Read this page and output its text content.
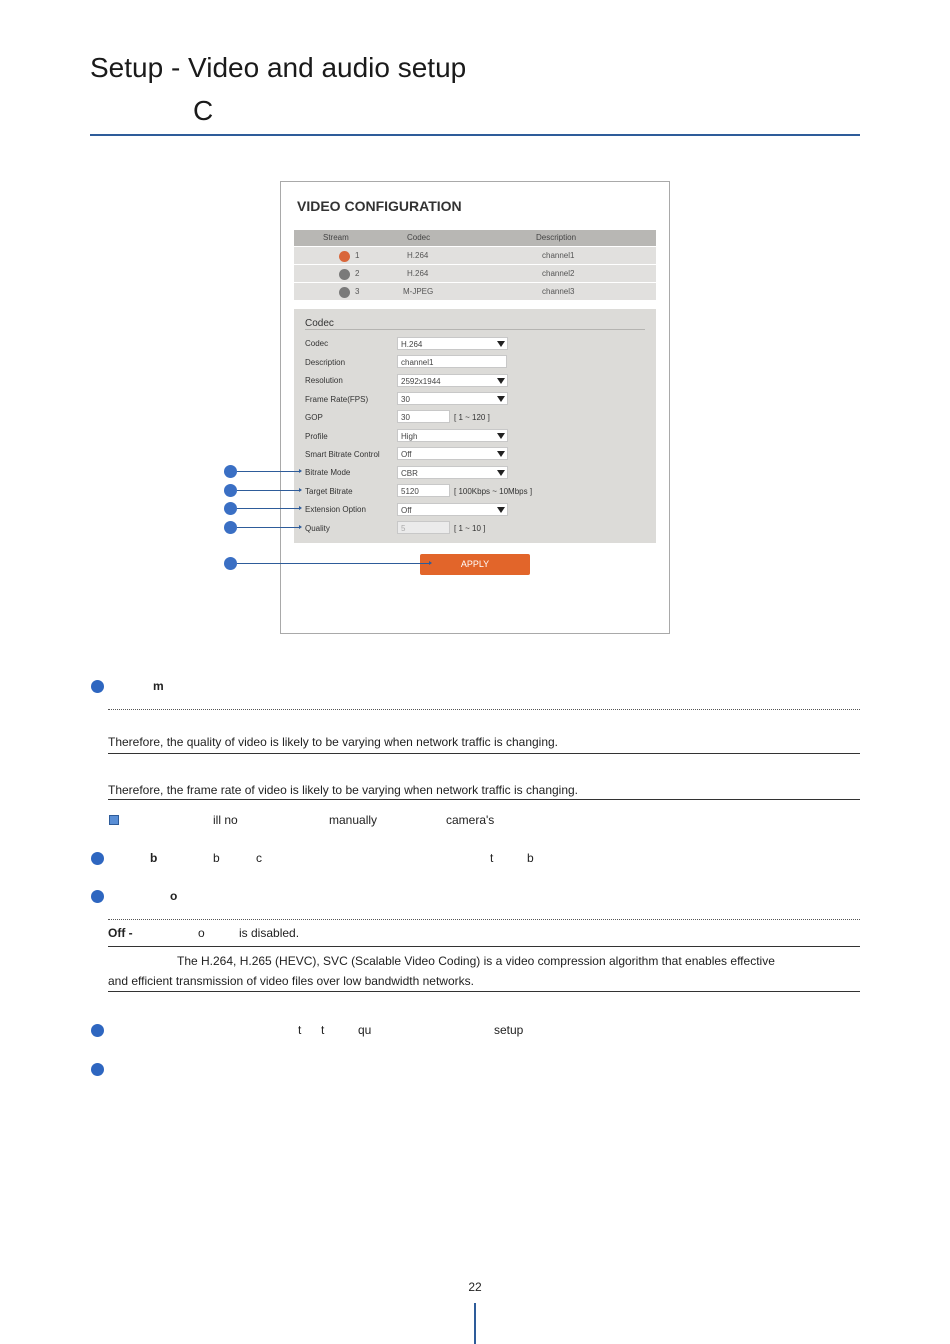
Setup - Video and audio setup
C
VIDEO CONFIGURATION
Stream	Codec	Description
1	H.264	channel1
2	H.264	channel2
3	M-JPEG	channel3
Codec
Codec	H.264
Description	channel1
Resolution	2592x1944
Frame Rate(FPS)	30
GOP	30	[ 1 ~ 120 ]
Profile	High
Smart Bitrate Control	Off
Bitrate Mode	CBR
Target Bitrate	5120	[ 100Kbps ~ 10Mbps ]
Extension Option	Off
Quality	5	[ 1 ~ 10 ]
APPLY
m
Therefore, the quality of video is likely to be varying when network traffic is changing.
Therefore, the frame rate of video is likely to be varying when network traffic is changing.
ill no	manually	camera's
b	b	c	t	b
o
Off -	o	is disabled.
The H.264, H.265 (HEVC), SVC (Scalable Video Coding) is a video compression algorithm that enables effective
and efficient transmission of video files over low bandwidth networks.
t t	qu	setup
22
